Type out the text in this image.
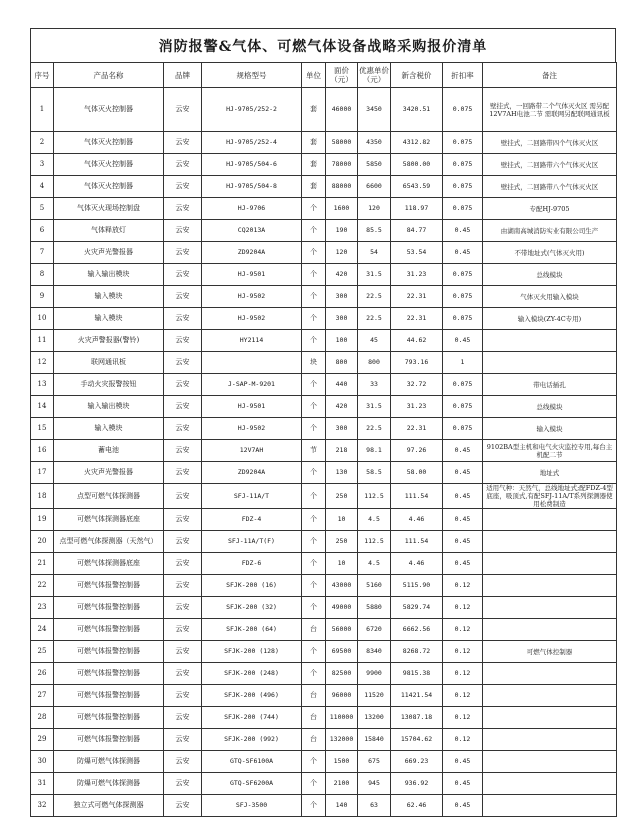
消防报警&气体、可燃气体设备战略采购报价清单
序号	产品名称	品牌	规格型号	单位	面价（元）	优惠单价（元）	新含税价	折扣率	备注
1	气体灭火控制器	云安	HJ-9705/252-2	套	46000	3450	3420.51	0.075	壁挂式，一回路带二个气体灭火区 需另配12V7AH电池二节 需联网另配联网通讯板
2	气体灭火控制器	云安	HJ-9705/252-4	套	58000	4350	4312.82	0.075	壁挂式，二回路带四个气体灭火区
3	气体灭火控制器	云安	HJ-9705/504-6	套	78000	5850	5800.00	0.075	壁挂式，二回路带六个气体灭火区
4	气体灭火控制器	云安	HJ-9705/504-8	套	88000	6600	6543.59	0.075	壁挂式，二回路带八个气体灭火区
5	气体灭火现场控制盘	云安	HJ-9706	个	1600	120	118.97	0.075	专配HJ-9705
6	气体释放灯	云安	CQ2013A	个	190	85.5	84.77	0.45	由湖南高城消防实业有限公司生产
7	火灾声光警报器	云安	ZD9204A	个	120	54	53.54	0.45	不带地址式(气体灭火用)
8	输入输出模块	云安	HJ-9501	个	420	31.5	31.23	0.075	总线模块
9	输入模块	云安	HJ-9502	个	300	22.5	22.31	0.075	气体灭火用输入模块
10	输入模块	云安	HJ-9502	个	300	22.5	22.31	0.075	输入模块(ZY-4C专用)
11	火灾声警报器(警铃)	云安	HY2114	个	100	45	44.62	0.45	
12	联网通讯板	云安		块	800	800	793.16	1	
13	手动火灾报警按钮	云安	J-SAP-M-9201	个	440	33	32.72	0.075	带电话插孔
14	输入输出模块	云安	HJ-9501	个	420	31.5	31.23	0.075	总线模块
15	输入模块	云安	HJ-9502	个	300	22.5	22.31	0.075	输入模块
16	蓄电池	云安	12V7AH	节	218	98.1	97.26	0.45	9102BA型主机和电气火灾监控专用,每台主机配二节
17	火灾声光警报器	云安	ZD9204A	个	130	58.5	58.00	0.45	地址式
18	点型可燃气体探测器	云安	SFJ-11A/T	个	250	112.5	111.54	0.45	适用气种：天然气，总线地址式;配FDZ-4型底座，吸顶式,有配SFJ-11A/T系列探测器使用松费制造
19	可燃气体探测器底座	云安	FDZ-4	个	10	4.5	4.46	0.45	
20	点型可燃气体探测器（天然气）	云安	SFJ-11A/T(F)	个	250	112.5	111.54	0.45	
21	可燃气体探测器底座	云安	FDZ-6	个	10	4.5	4.46	0.45	
22	可燃气体报警控制器	云安	SFJK-200 (16)	个	43000	5160	5115.90	0.12	
23	可燃气体报警控制器	云安	SFJK-200 (32)	个	49000	5880	5829.74	0.12	
24	可燃气体报警控制器	云安	SFJK-200 (64)	台	56000	6720	6662.56	0.12	
25	可燃气体报警控制器	云安	SFJK-200 (128)	个	69500	8340	8268.72	0.12	可燃气体控制器
26	可燃气体报警控制器	云安	SFJK-200 (248)	个	82500	9900	9815.38	0.12	
27	可燃气体报警控制器	云安	SFJK-200 (496)	台	96000	11520	11421.54	0.12	
28	可燃气体报警控制器	云安	SFJK-200 (744)	台	110000	13200	13087.18	0.12	
29	可燃气体报警控制器	云安	SFJK-200 (992)	台	132000	15840	15704.62	0.12	
30	防爆可燃气体探测器	云安	GTQ-SF6100A	个	1500	675	669.23	0.45	
31	防爆可燃气体探测器	云安	GTQ-SF6200A	个	2100	945	936.92	0.45	
32	独立式可燃气体探测器	云安	SFJ-3500	个	140	63	62.46	0.45	
